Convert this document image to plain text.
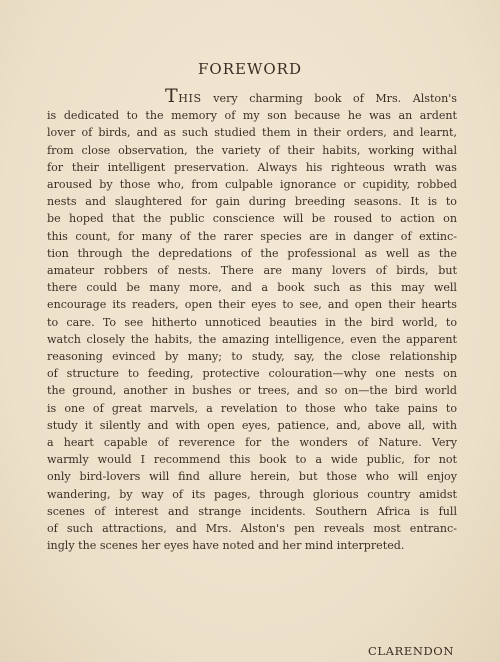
FOREWORD
THIS very charming book of Mrs. Alston's
is dedicated to the memory of my son because he was an ardent
lover of birds, and as such studied them in their orders, and learnt,
from close observation, the variety of their habits, working withal
for their intelligent preservation. Always his righteous wrath was
aroused by those who, from culpable ignorance or cupidity, robbed
nests and slaughtered for gain during breeding seasons. It is to
be hoped that the public conscience will be roused to action on
this count, for many of the rarer species are in danger of extinc-
tion through the depredations of the professional as well as the
amateur robbers of nests. There are many lovers of birds, but
there could be many more, and a book such as this may well
encourage its readers, open their eyes to see, and open their hearts
to care. To see hitherto unnoticed beauties in the bird world, to
watch closely the habits, the amazing intelligence, even the apparent
reasoning evinced by many; to study, say, the close relationship
of structure to feeding, protective colouration—why one nests on
the ground, another in bushes or trees, and so on—the bird world
is one of great marvels, a revelation to those who take pains to
study it silently and with open eyes, patience, and, above all, with
a heart capable of reverence for the wonders of Nature. Very
warmly would I recommend this book to a wide public, for not
only bird-lovers will find allure herein, but those who will enjoy
wandering, by way of its pages, through glorious country amidst
scenes of interest and strange incidents. Southern Africa is full
of such attractions, and Mrs. Alston's pen reveals most entranc-
ingly the scenes her eyes have noted and her mind interpreted.
CLARENDON
